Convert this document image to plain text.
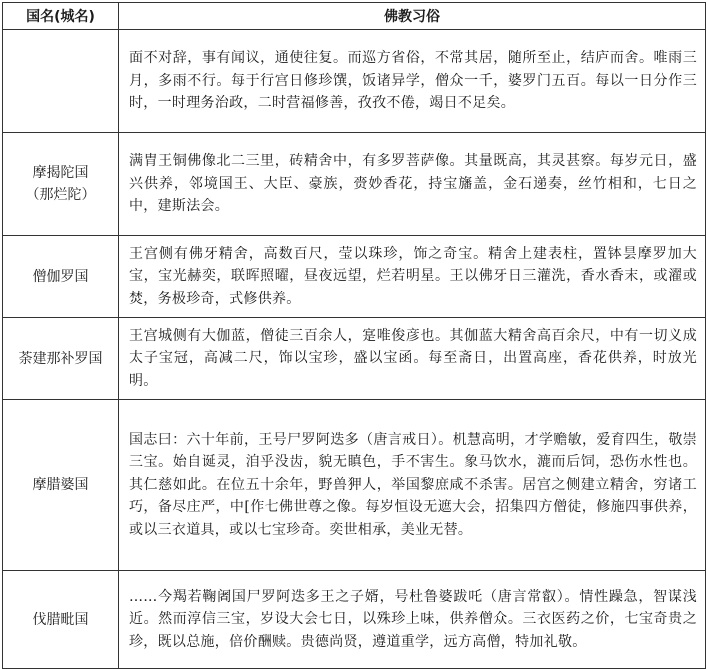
国名(城名)	佛教习俗

	面不对辞，事有闻议，通使往复。而巡方省俗，不常其居，随所至止，结庐而舍。唯雨三月，多雨不行。每于行宫日修珍馔，饭诸异学，僧众一千，婆罗门五百。每以一日分作三时，一时理务治政，二时营福修善，孜孜不倦，竭日不足矣。

摩揭陀国
（那烂陀）	满胄王铜佛像北二三里，砖精舍中，有多罗菩萨像。其量既高，其灵甚察。每岁元日，盛兴供养，邻境国王、大臣、豪族，赍妙香花，持宝旛盖，金石递奏，丝竹相和，七日之中，建斯法会。

僧伽罗国	王宫侧有佛牙精舍，高数百尺，莹以珠珍，饰之奇宝。精舍上建表柱，置钵昙摩罗加大宝，宝光赫奕，联晖照曜，昼夜远望，烂若明星。王以佛牙日三灌洗，香水香末，或濯或焚，务极珍奇，式修供养。

荼建那补罗国	王宫城侧有大伽蓝，僧徒三百余人，寔唯俊彦也。其伽蓝大精舍高百余尺，中有一切义成太子宝冠，高减二尺，饰以宝珍，盛以宝函。每至斋日，出置高座，香花供养，时放光明。

摩腊婆国	国志曰：六十年前，王号尸罗阿迭多（唐言戒日）。机慧高明，才学赡敏，爱育四生，敬崇三宝。始自诞灵，洎乎没齿，貌无瞋色，手不害生。象马饮水，漉而后饲，恐伤水性也。其仁慈如此。在位五十余年，野兽狎人，举国黎庶咸不杀害。居宫之侧建立精舍，穷诸工巧，备尽庄严，中[作七佛世尊之像。每岁恒设无遮大会，招集四方僧徒，修施四事供养，或以三衣道具，或以七宝珍奇。奕世相承，美业无替。

伐腊毗国	……今羯若鞠阇国尸罗阿迭多王之子婿，号杜鲁婆跋吒（唐言常叡）。情性躁急，智谋浅近。然而淳信三宝，岁设大会七日，以殊珍上味，供养僧众。三衣医药之价，七宝奇贵之珍，既以总施，倍价酬赎。贵德尚贤，遵道重学，远方高僧，特加礼敬。
